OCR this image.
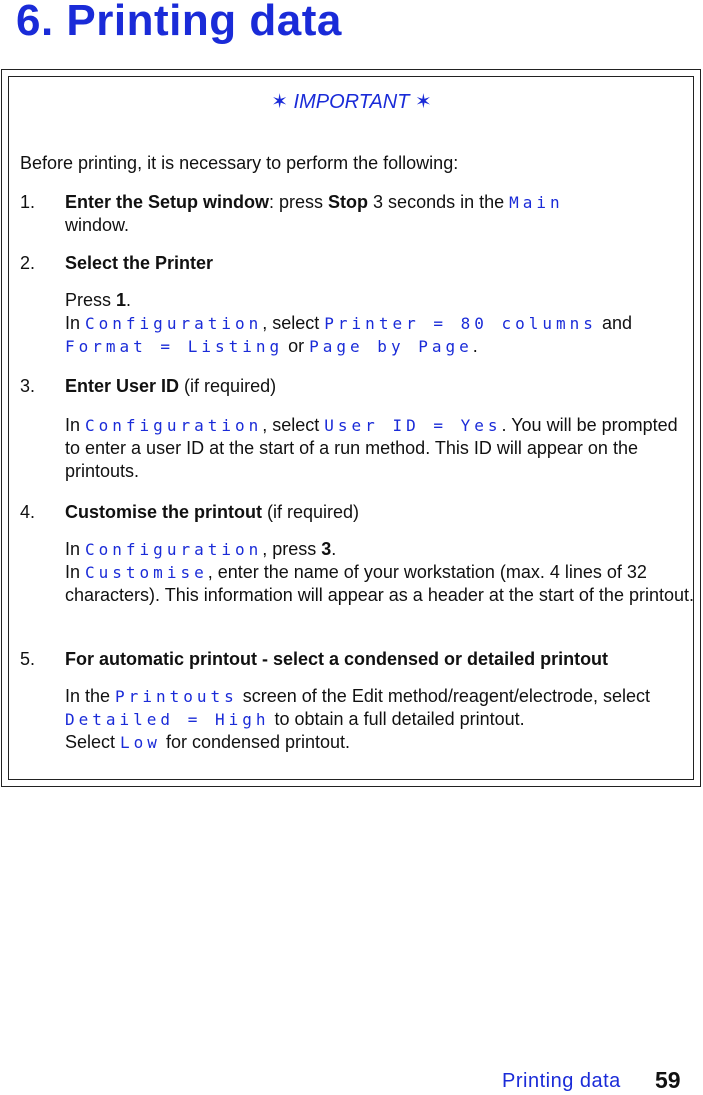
6. Printing data
✶ IMPORTANT ✶
Before printing, it is necessary to perform the following:
1. Enter the Setup window: press Stop 3 seconds in the Main
window.
2. Select the Printer
Press 1.
In Configuration, select Printer = 80 columns and
Format = Listing or Page by Page.
3. Enter User ID (if required)
In Configuration, select User ID = Yes. You will be prompted to enter a user ID at the start of a run method. This ID will appear on the printouts.
4. Customise the printout (if required)
In Configuration, press 3.
In Customise, enter the name of your workstation (max. 4 lines of 32 characters). This information will appear as a header at the start of the printout.
5. For automatic printout - select a condensed or detailed printout
In the Printouts screen of the Edit method/reagent/electrode, select Detailed = High to obtain a full detailed printout.
Select Low for condensed printout.
Printing data 59
